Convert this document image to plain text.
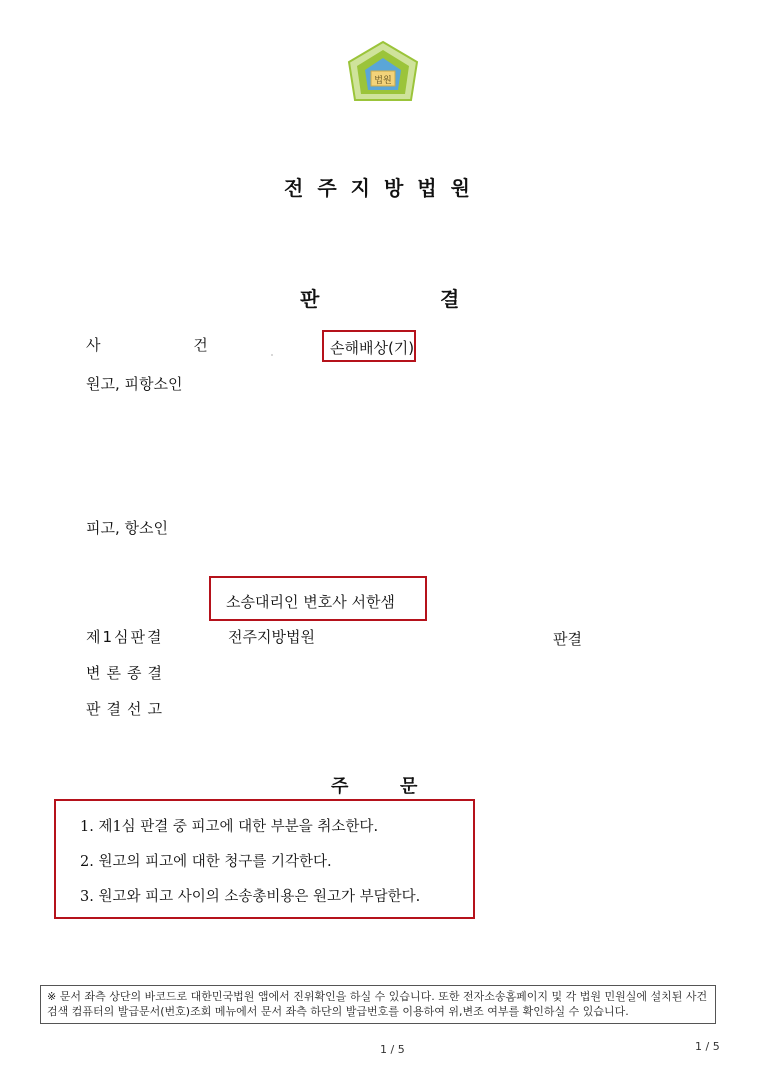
법원
전주지방법원
판	결
사 건	손해배상(기)
원고, 피항소인
피고, 항소인
소송대리인 변호사 서한샘
제1심판결	전주지방법원	판결
변론종결
판결선고
주	문
1. 제1심 판결 중 피고에 대한 부분을 취소한다.
2. 원고의 피고에 대한 청구를 기각한다.
3. 원고와 피고 사이의 소송총비용은 원고가 부담한다.
※ 문서 좌측 상단의 바코드로 대한민국법원 앱에서 진위확인을 하실 수 있습니다. 또한 전자소송홈페이지 및 각 법원 민원실에 설치된 사건검색 컴퓨터의 발급문서(번호)조회 메뉴에서 문서 좌측 하단의 발급번호를 이용하여 위,변조 여부를 확인하실 수 있습니다.
1 / 5	1 / 5
